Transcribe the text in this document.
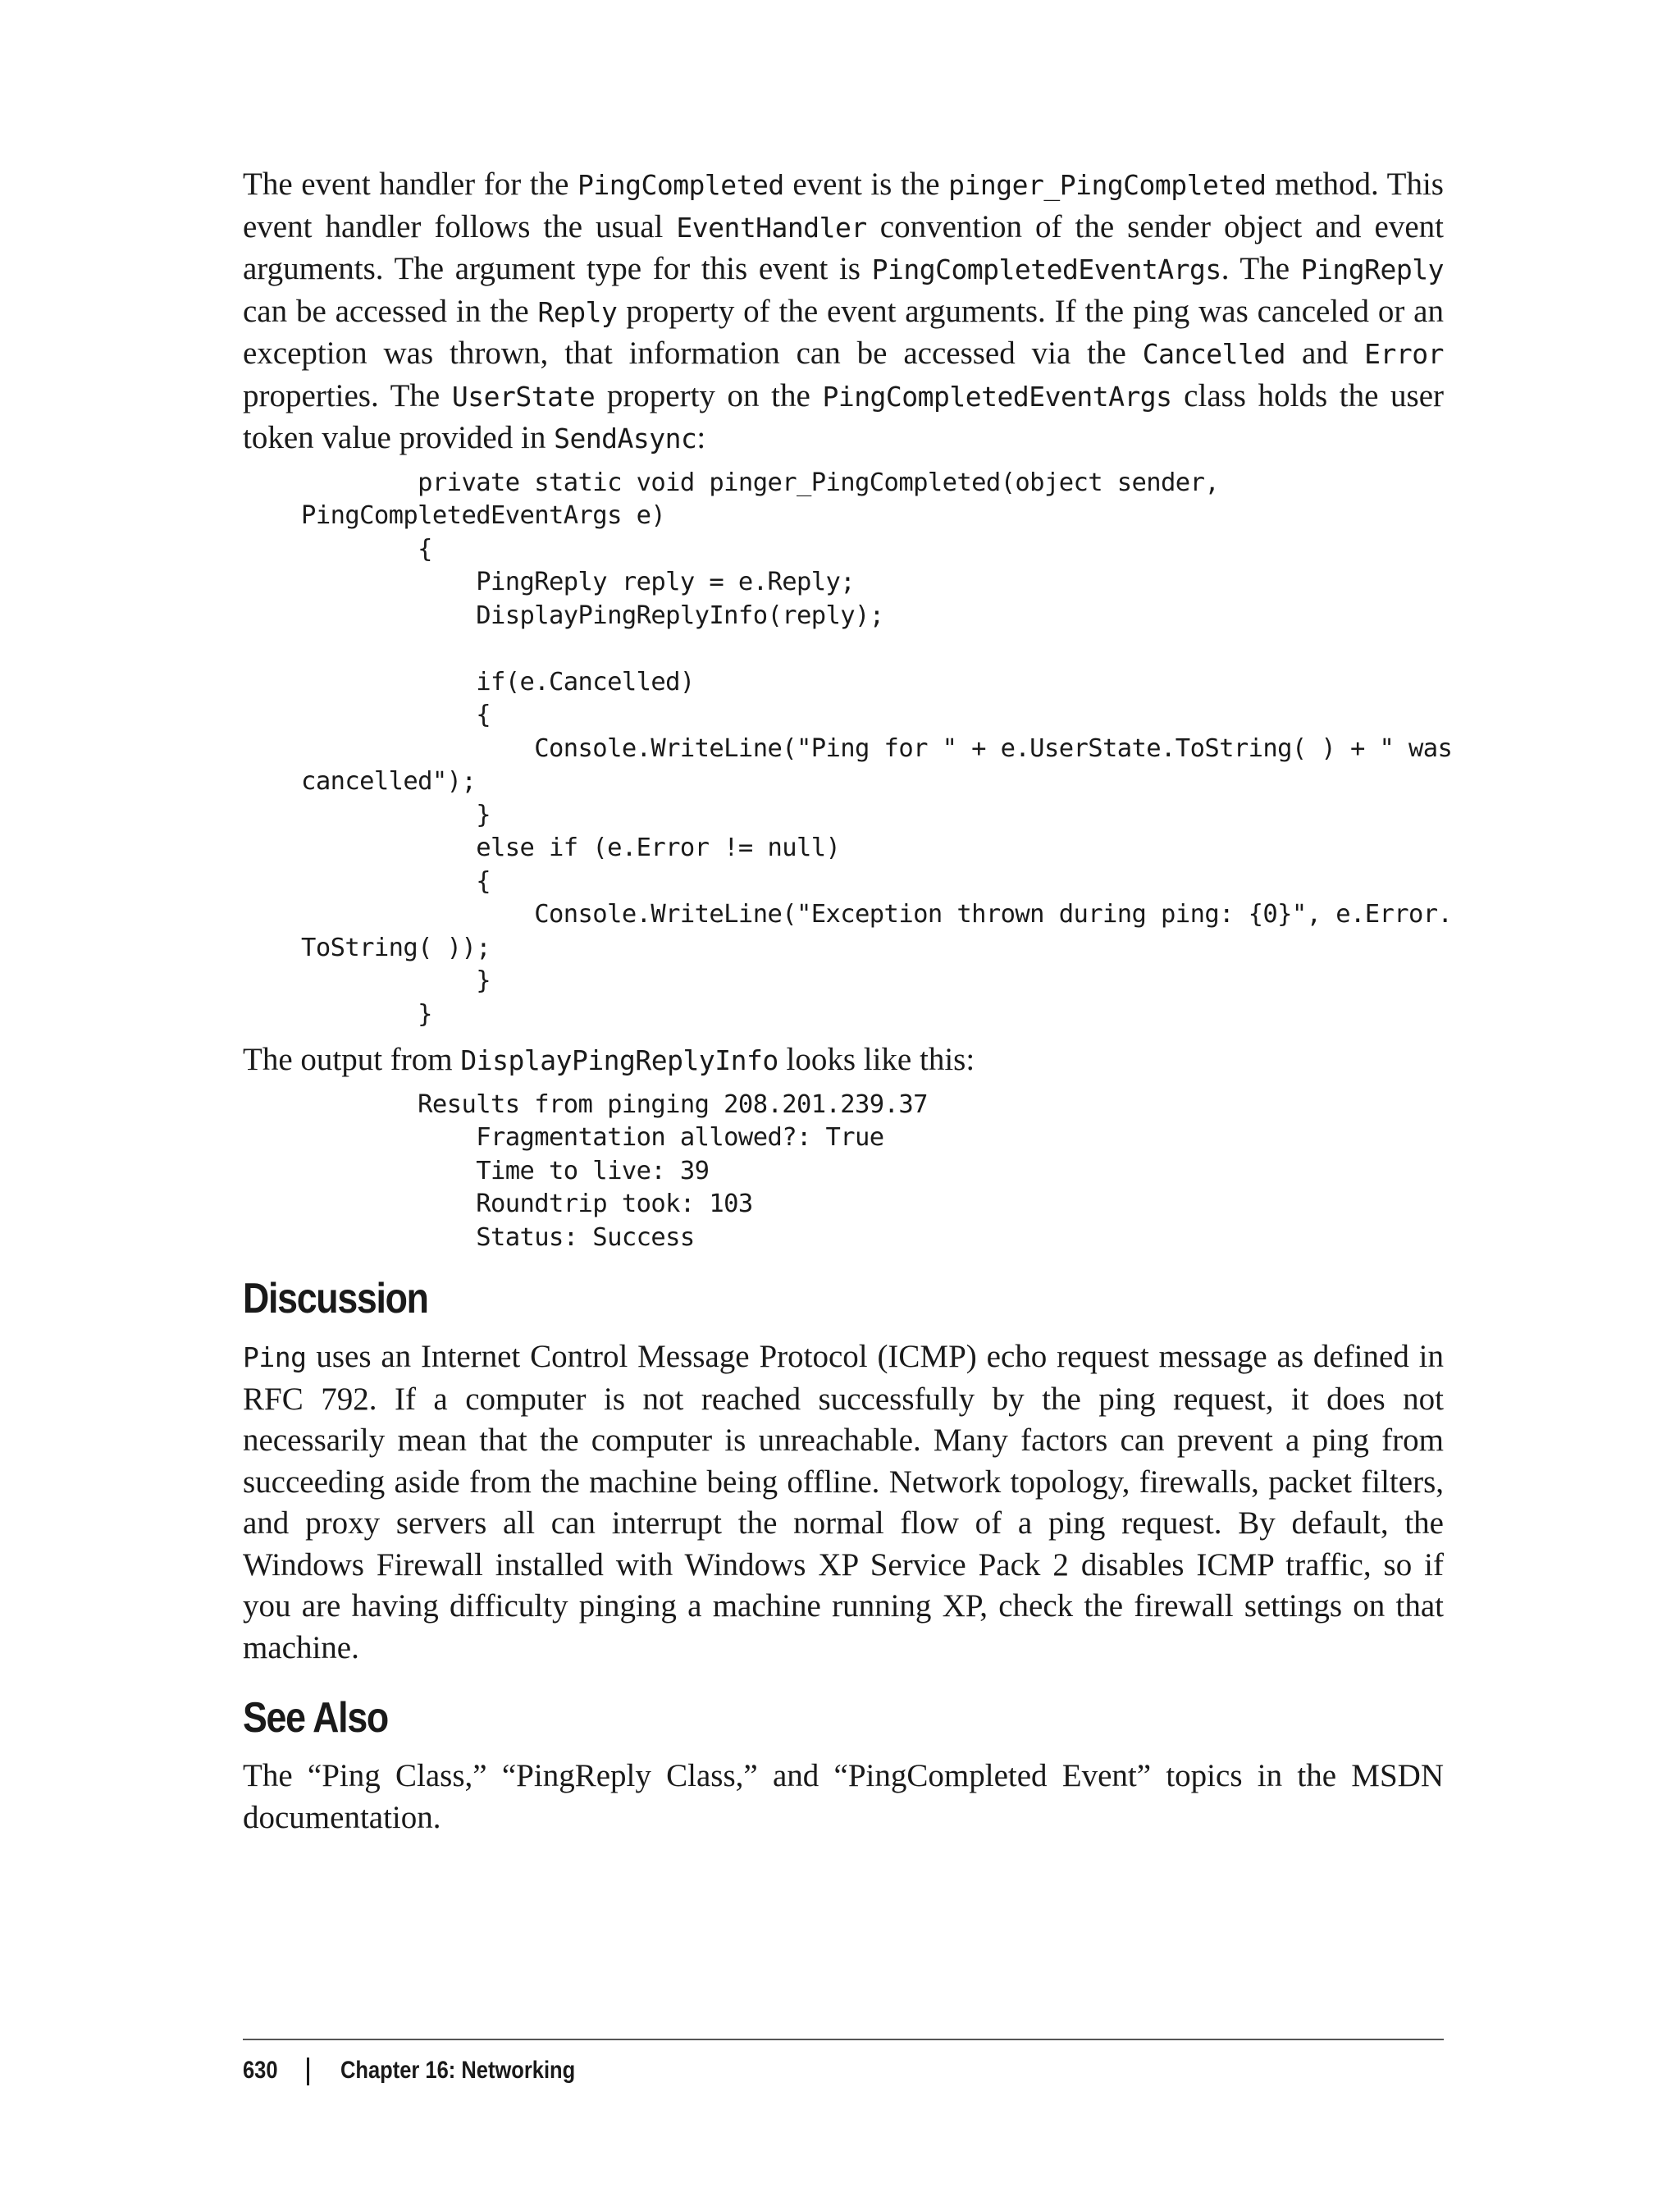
The event handler for the PingCompleted event is the pinger_PingCompleted method. This event handler follows the usual EventHandler convention of the sender object and event arguments. The argument type for this event is PingCompletedEventArgs. The PingReply can be accessed in the Reply property of the event arguments. If the ping was canceled or an exception was thrown, that information can be accessed via the Cancelled and Error properties. The UserState property on the PingCompletedEventArgs class holds the user token value provided in SendAsync:

private static void pinger_PingCompleted(object sender,
PingCompletedEventArgs e)
{
PingReply reply = e.Reply;
DisplayPingReplyInfo(reply);
if(e.Cancelled)
{
Console.WriteLine("Ping for " + e.UserState.ToString( ) + " was
cancelled");
}
else if (e.Error != null)
{
Console.WriteLine("Exception thrown during ping: {0}", e.Error.
ToString( ));
}
}

The output from DisplayPingReplyInfo looks like this:

Results from pinging 208.201.239.37
Fragmentation allowed?: True
Time to live: 39
Roundtrip took: 103
Status: Success
Discussion

Ping uses an Internet Control Message Protocol (ICMP) echo request message as defined in RFC 792. If a computer is not reached successfully by the ping request, it does not necessarily mean that the computer is unreachable. Many factors can prevent a ping from succeeding aside from the machine being offline. Network topology, firewalls, packet filters, and proxy servers all can interrupt the normal flow of a ping request. By default, the Windows Firewall installed with Windows XP Service Pack 2 disables ICMP traffic, so if you are having difficulty pinging a machine running XP, check the firewall settings on that machine.

See Also

The “Ping Class,” “PingReply Class,” and “PingCompleted Event” topics in the MSDN documentation.

630	Chapter 16: Networking
